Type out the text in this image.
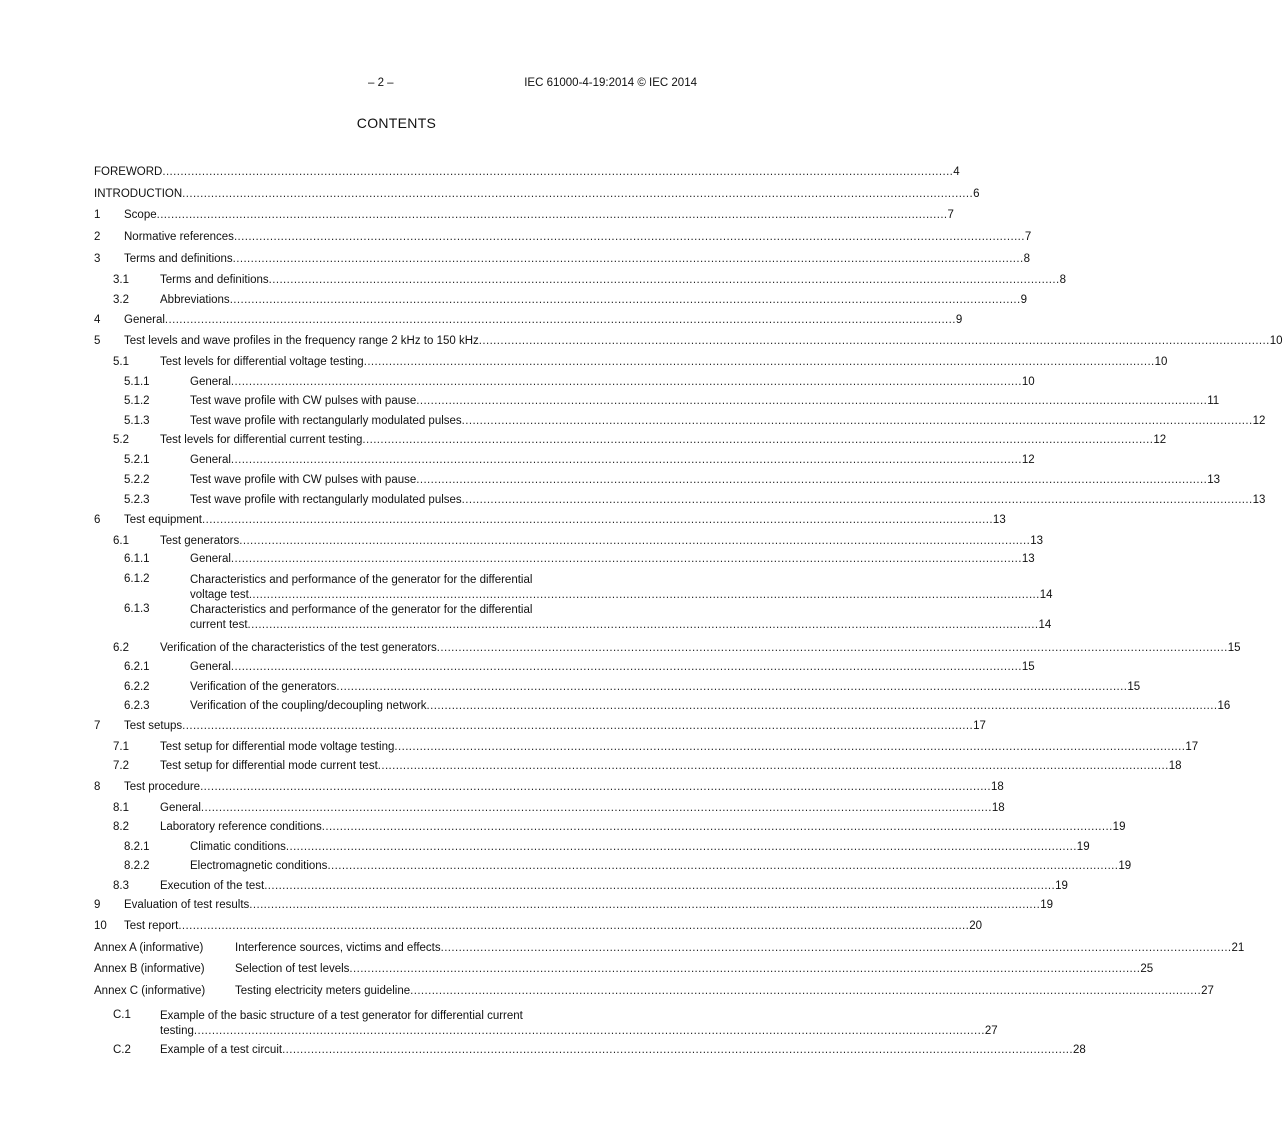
– 2 –	IEC 61000-4-19:2014 © IEC 2014
CONTENTS
FOREWORD ............................................................................................................................................................................................................................ 4
INTRODUCTION ............................................................................................................................................................................................................................ 6
1 Scope ............................................................................................................................................................................................................................ 7
2 Normative references ............................................................................................................................................................................................................................ 7
3 Terms and definitions ............................................................................................................................................................................................................................ 8
3.1	Terms and definitions ............................................................................................................................................................................................................................ 8
3.2	Abbreviations ............................................................................................................................................................................................................................ 9
4 General ............................................................................................................................................................................................................................ 9
5 Test levels and wave profiles in the frequency range 2 kHz to 150 kHz ............................................................................................................................................................................................................................ 10
5.1	Test levels for differential voltage testing ............................................................................................................................................................................................................................ 10
5.1.1	General ............................................................................................................................................................................................................................ 10
5.1.2	Test wave profile with CW pulses with pause ............................................................................................................................................................................................................................ 11
5.1.3	Test wave profile with rectangularly modulated pulses ............................................................................................................................................................................................................................ 12
5.2	Test levels for differential current testing ............................................................................................................................................................................................................................ 12
5.2.1	General ............................................................................................................................................................................................................................ 12
5.2.2	Test wave profile with CW pulses with pause ............................................................................................................................................................................................................................ 13
5.2.3	Test wave profile with rectangularly modulated pulses ............................................................................................................................................................................................................................ 13
6 Test equipment ............................................................................................................................................................................................................................ 13
6.1	Test generators ............................................................................................................................................................................................................................ 13
6.1.1	General ............................................................................................................................................................................................................................ 13
6.1.2	Characteristics and performance of the generator for the differential
voltage test ............................................................................................................................................................................................................................ 14
6.1.3	Characteristics and performance of the generator for the differential
current test ............................................................................................................................................................................................................................ 14
6.2	Verification of the characteristics of the test generators ............................................................................................................................................................................................................................ 15
6.2.1	General ............................................................................................................................................................................................................................ 15
6.2.2	Verification of the generators ............................................................................................................................................................................................................................ 15
6.2.3	Verification of the coupling/decoupling network ............................................................................................................................................................................................................................ 16
7 Test setups ............................................................................................................................................................................................................................ 17
7.1	Test setup for differential mode voltage testing ............................................................................................................................................................................................................................ 17
7.2	Test setup for differential mode current test ............................................................................................................................................................................................................................ 18
8 Test procedure ............................................................................................................................................................................................................................ 18
8.1	General ............................................................................................................................................................................................................................ 18
8.2	Laboratory reference conditions ............................................................................................................................................................................................................................ 19
8.2.1	Climatic conditions ............................................................................................................................................................................................................................ 19
8.2.2	Electromagnetic conditions ............................................................................................................................................................................................................................ 19
8.3	Execution of the test ............................................................................................................................................................................................................................ 19
9 Evaluation of test results ............................................................................................................................................................................................................................ 19
10 Test report ............................................................................................................................................................................................................................ 20
Annex A (informative)	Interference sources, victims and effects ............................................................................................................................................................................................................................ 21
Annex B (informative)	Selection of test levels ............................................................................................................................................................................................................................ 25
Annex C (informative)	Testing electricity meters guideline ............................................................................................................................................................................................................................ 27
C.1	Example of the basic structure of a test generator for differential current
testing ............................................................................................................................................................................................................................ 27
C.2	Example of a test circuit ............................................................................................................................................................................................................................ 28
